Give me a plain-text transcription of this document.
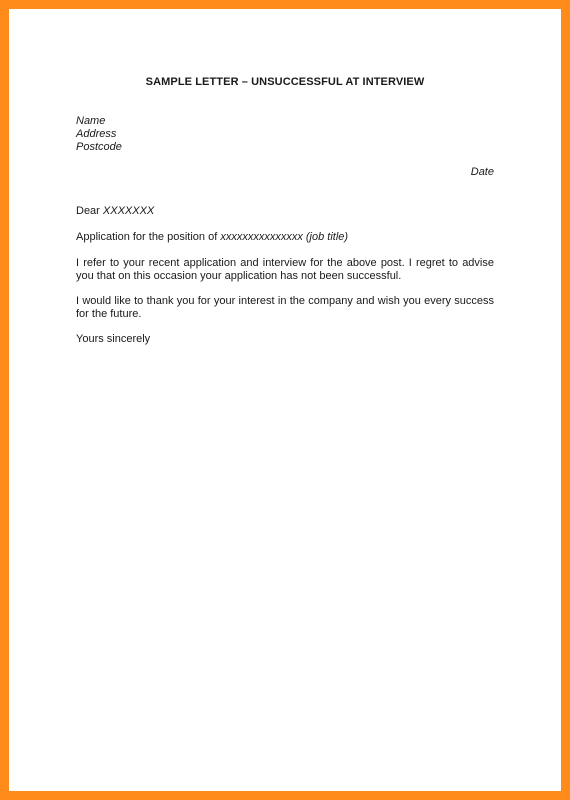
SAMPLE LETTER – UNSUCCESSFUL AT INTERVIEW
Name
Address
Postcode
Date
Dear XXXXXXX
Application for the position of xxxxxxxxxxxxxxx (job title)
I refer to your recent application and interview for the above post. I regret to advise you that on this occasion your application has not been successful.
I would like to thank you for your interest in the company and wish you every success for the future.
Yours sincerely
